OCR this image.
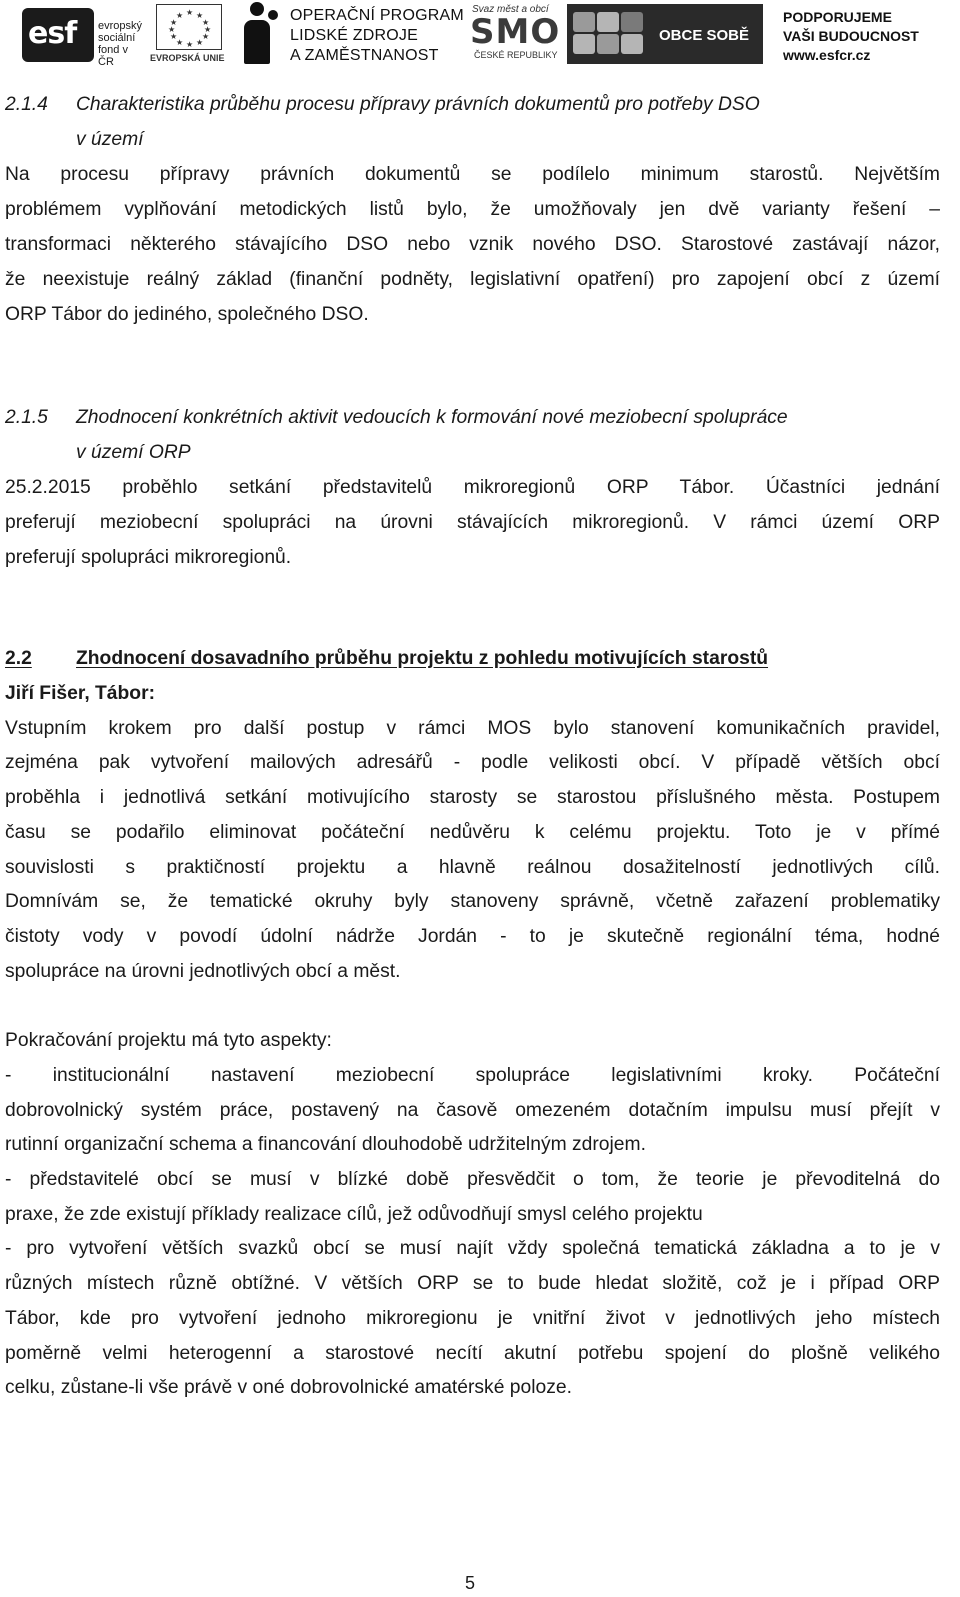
esf evropský
sociální
fond v ČR
★ ★
★
★
★
★
★
★
★
★
★
★
EVROPSKÁ UNIE
OPERAČNÍ PROGRAM
LIDSKÉ ZDROJE
A ZAMĚSTNANOST
Svaz měst a obcí
SMO
ČESKÉ REPUBLIKY
OBCE SOBĚ
PODPORUJEME
VAŠI BUDOUCNOST
www.esfcr.cz
2.1.4 Charakteristika průběhu procesu přípravy právních dokumentů pro potřeby DSO
v území
Na procesu přípravy právních dokumentů se podílelo minimum starostů. Největším
problémem vyplňování metodických listů bylo, že umožňovaly jen dvě varianty řešení –
transformaci některého stávajícího DSO nebo vznik nového DSO. Starostové zastávají názor,
že neexistuje reálný základ (finanční podněty, legislativní opatření) pro zapojení obcí z území
ORP Tábor do jediného, společného DSO.
2.1.5 Zhodnocení konkrétních aktivit vedoucích k formování nové meziobecní spolupráce
v území ORP
25.2.2015 proběhlo setkání představitelů mikroregionů ORP Tábor. Účastníci jednání
preferují meziobecní spolupráci na úrovni stávajících mikroregionů. V rámci území ORP
preferují spolupráci mikroregionů.
2.2 Zhodnocení dosavadního průběhu projektu z pohledu motivujících starostů
Jiří Fišer, Tábor:
Vstupním krokem pro další postup v rámci MOS bylo stanovení komunikačních pravidel,
zejména pak vytvoření mailových adresářů - podle velikosti obcí. V případě větších obcí
proběhla i jednotlivá setkání motivujícího starosty se starostou příslušného města. Postupem
času se podařilo eliminovat počáteční nedůvěru k celému projektu. Toto je v přímé
souvislosti s praktičností projektu a hlavně reálnou dosažitelností jednotlivých cílů.
Domnívám se, že tematické okruhy byly stanoveny správně, včetně zařazení problematiky
čistoty vody v povodí údolní nádrže Jordán - to je skutečně regionální téma, hodné
spolupráce na úrovni jednotlivých obcí a měst.
Pokračování projektu má tyto aspekty:
- institucionální nastavení meziobecní spolupráce legislativními kroky. Počáteční
dobrovolnický systém práce, postavený na časově omezeném dotačním impulsu musí přejít v
rutinní organizační schema a financování dlouhodobě udržitelným zdrojem.
- představitelé obcí se musí v blízké době přesvědčit o tom, že teorie je převoditelná do
praxe, že zde existují příklady realizace cílů, jež odůvodňují smysl celého projektu
- pro vytvoření větších svazků obcí se musí najít vždy společná tematická základna a to je v
různých místech různě obtížné. V větších ORP se to bude hledat složitě, což je i případ ORP
Tábor, kde pro vytvoření jednoho mikroregionu je vnitřní život v jednotlivých jeho místech
poměrně velmi heterogenní a starostové necítí akutní potřebu spojení do plošně velikého
celku, zůstane-li vše právě v oné dobrovolnické amatérské poloze.
5
